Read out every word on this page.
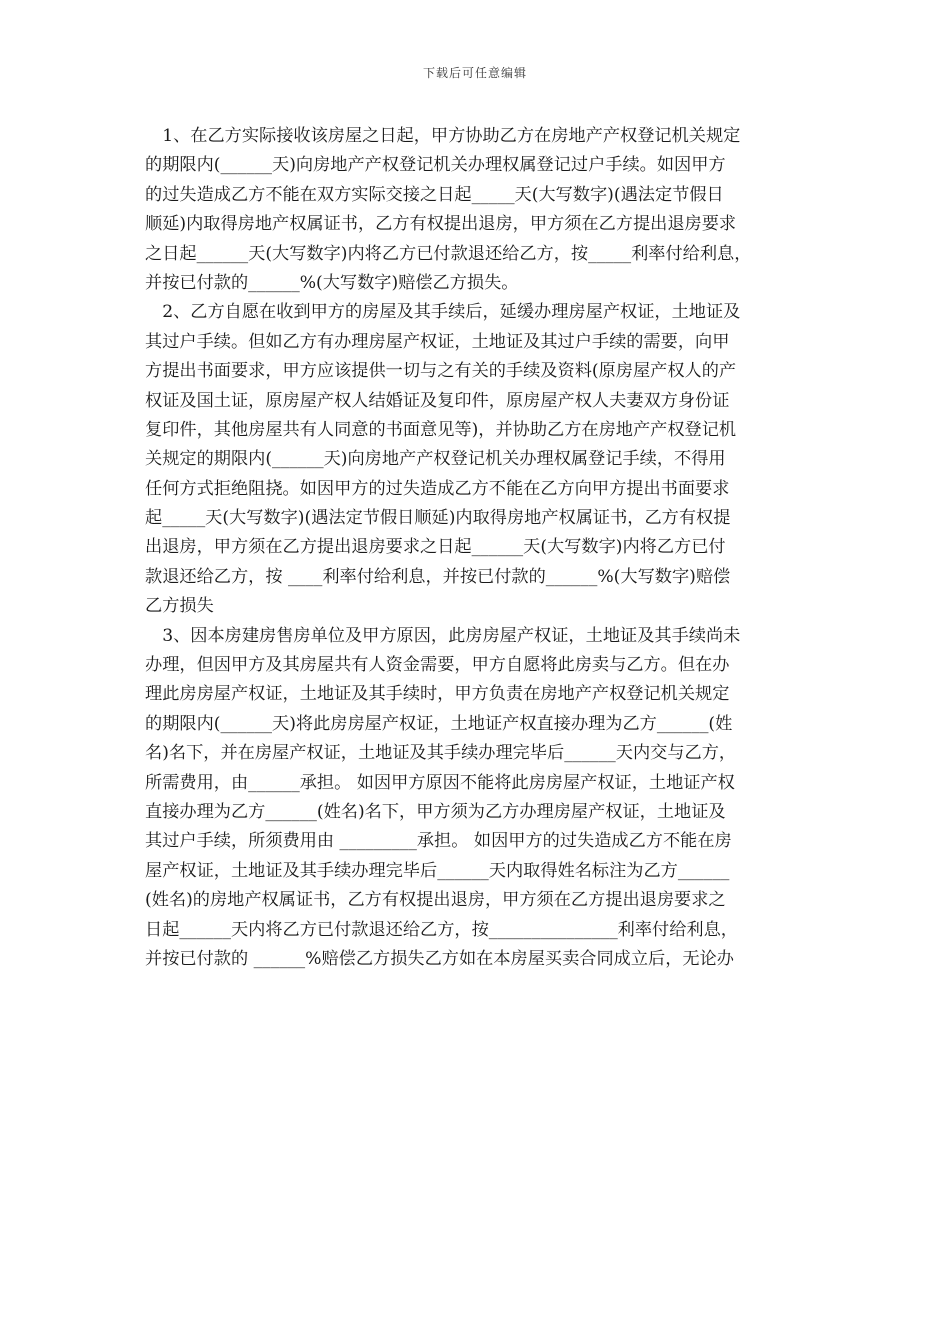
下载后可任意编辑
　1、在乙方实际接收该房屋之日起，甲方协助乙方在房地产产权登记机关规定
的期限内(______天)向房地产产权登记机关办理权属登记过户手续。如因甲方
的过失造成乙方不能在双方实际交接之日起_____天(大写数字)(遇法定节假日
顺延)内取得房地产权属证书，乙方有权提出退房，甲方须在乙方提出退房要求
之日起______天(大写数字)内将乙方已付款退还给乙方，按_____利率付给利息，
并按已付款的______%(大写数字)赔偿乙方损失。
　2、乙方自愿在收到甲方的房屋及其手续后，延缓办理房屋产权证，土地证及
其过户手续。但如乙方有办理房屋产权证，土地证及其过户手续的需要，向甲
方提出书面要求，甲方应该提供一切与之有关的手续及资料(原房屋产权人的产
权证及国土证，原房屋产权人结婚证及复印件，原房屋产权人夫妻双方身份证
复印件，其他房屋共有人同意的书面意见等)，并协助乙方在房地产产权登记机
关规定的期限内(______天)向房地产产权登记机关办理权属登记手续，不得用
任何方式拒绝阻挠。如因甲方的过失造成乙方不能在乙方向甲方提出书面要求
起_____天(大写数字)(遇法定节假日顺延)内取得房地产权属证书，乙方有权提
出退房，甲方须在乙方提出退房要求之日起______天(大写数字)内将乙方已付
款退还给乙方，按 ____利率付给利息，并按已付款的______%(大写数字)赔偿
乙方损失
　3、因本房建房售房单位及甲方原因，此房房屋产权证，土地证及其手续尚未
办理，但因甲方及其房屋共有人资金需要，甲方自愿将此房卖与乙方。但在办
理此房房屋产权证，土地证及其手续时，甲方负责在房地产产权登记机关规定
的期限内(______天)将此房房屋产权证，土地证产权直接办理为乙方______(姓
名)名下，并在房屋产权证，土地证及其手续办理完毕后______天内交与乙方，
所需费用，由______承担。 如因甲方原因不能将此房房屋产权证，土地证产权
直接办理为乙方______(姓名)名下，甲方须为乙方办理房屋产权证，土地证及
其过户手续，所须费用由 _________承担。 如因甲方的过失造成乙方不能在房
屋产权证，土地证及其手续办理完毕后______天内取得姓名标注为乙方______
(姓名)的房地产权属证书，乙方有权提出退房，甲方须在乙方提出退房要求之
日起______天内将乙方已付款退还给乙方，按_______________利率付给利息，
并按已付款的 ______%赔偿乙方损失乙方如在本房屋买卖合同成立后，无论办
